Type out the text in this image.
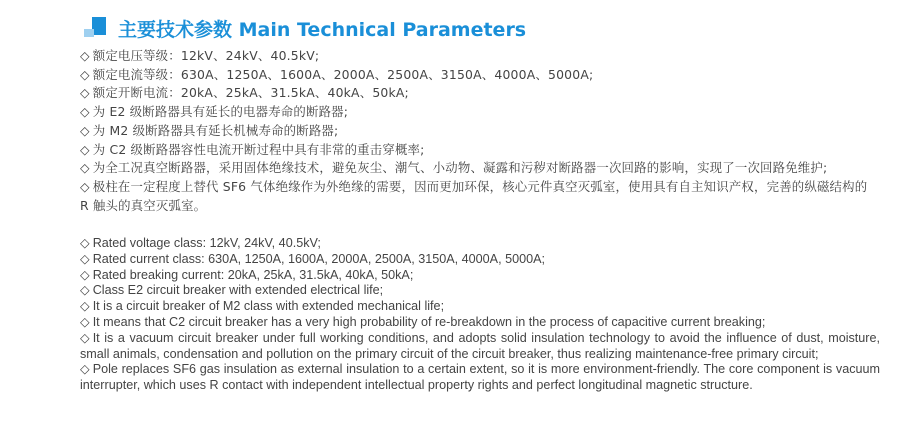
主要技术参数 Main Technical Parameters
◇ 额定电压等级：12kV、24kV、40.5kV;
◇ 额定电流等级：630A、1250A、1600A、2000A、2500A、3150A、4000A、5000A;
◇ 额定开断电流：20kA、25kA、31.5kA、40kA、50kA;
◇ 为 E2 级断路器具有延长的电器寿命的断路器;
◇ 为 M2 级断路器具有延长机械寿命的断路器;
◇ 为 C2 级断路器容性电流开断过程中具有非常的重击穿概率;
◇ 为全工况真空断路器，采用固体绝缘技术，避免灰尘、潮气、小动物、凝露和污秽对断路器一次回路的影响，实现了一次回路免维护;
◇ 极柱在一定程度上替代 SF6 气体绝缘作为外绝缘的需要，因而更加环保，核心元件真空灭弧室，使用具有自主知识产权，完善的纵磁结构的 R 触头的真空灭弧室。
◇ Rated voltage class: 12kV, 24kV, 40.5kV;
◇ Rated current class: 630A, 1250A, 1600A, 2000A, 2500A, 3150A, 4000A, 5000A;
◇ Rated breaking current: 20kA, 25kA, 31.5kA, 40kA, 50kA;
◇ Class E2 circuit breaker with extended electrical life;
◇ It is a circuit breaker of M2 class with extended mechanical life;
◇ It means that C2 circuit breaker has a very high probability of re-breakdown in the process of capacitive current breaking;
◇ It is a vacuum circuit breaker under full working conditions, and adopts solid insulation technology to avoid the influence of dust, moisture, small animals, condensation and pollution on the primary circuit of the circuit breaker, thus realizing maintenance-free primary circuit;
◇ Pole replaces SF6 gas insulation as external insulation to a certain extent, so it is more environment-friendly. The core component is vacuum interrupter, which uses R contact with independent intellectual property rights and perfect longitudinal magnetic structure.
